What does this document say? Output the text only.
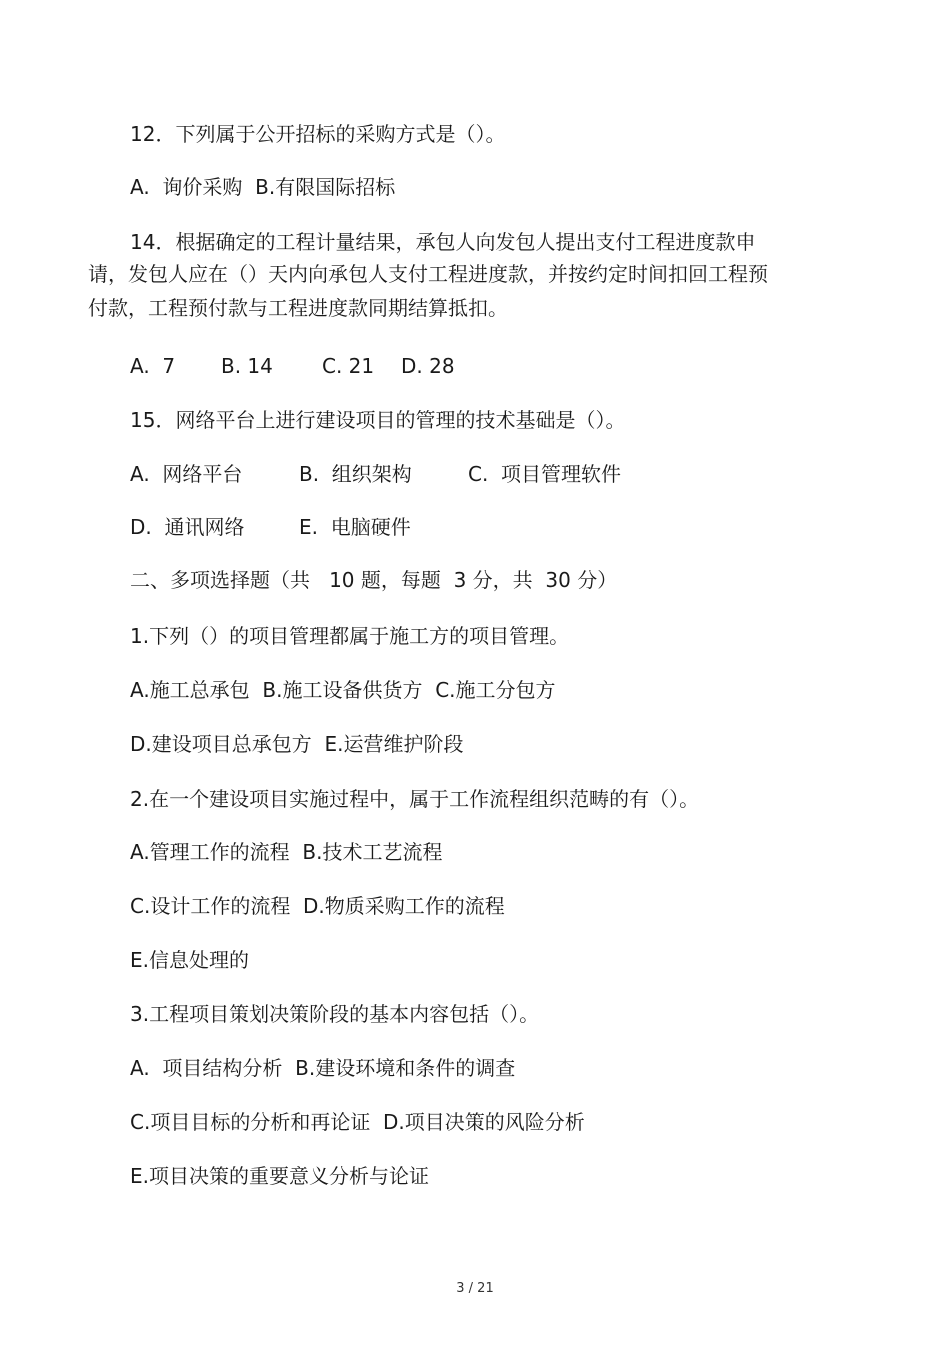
12．下列属于公开招标的采购方式是（）。
A.  询价采购  B.有限国际招标
14．根据确定的工程计量结果，承包人向发包人提出支付工程进度款申
请，发包人应在（）天内向承包人支付工程进度款，并按约定时间扣回工程预
付款，工程预付款与工程进度款同期结算抵扣。
A.  7 B. 14 C. 21 D. 28
15．网络平台上进行建设项目的管理的技术基础是（）。
A.  网络平台	B.  组织架构	C.  项目管理软件
D.  通讯网络	E.  电脑硬件
二、多项选择题（共   10 题，每题  3 分，共  30 分）
1.下列（）的项目管理都属于施工方的项目管理。
A.施工总承包  B.施工设备供货方  C.施工分包方
D.建设项目总承包方  E.运营维护阶段
2.在一个建设项目实施过程中，属于工作流程组织范畴的有（）。
A.管理工作的流程  B.技术工艺流程
C.设计工作的流程  D.物质采购工作的流程
E.信息处理的
3.工程项目策划决策阶段的基本内容包括（）。
A.  项目结构分析  B.建设环境和条件的调查
C.项目目标的分析和再论证  D.项目决策的风险分析
E.项目决策的重要意义分析与论证
3 / 21
